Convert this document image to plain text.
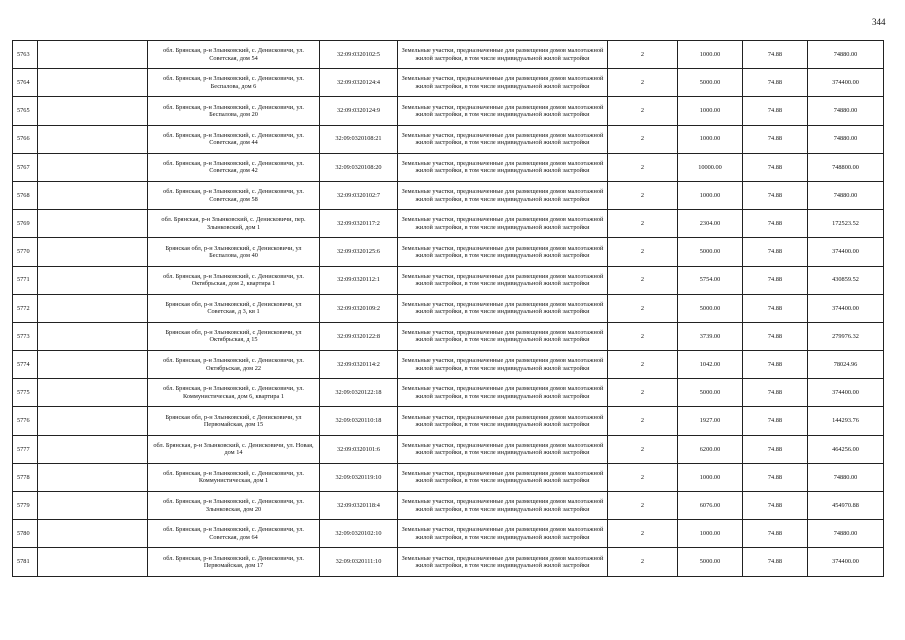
344
5763		обл. Брянская, р-н Злынковский, с. Денисковичи, ул. Советская, дом 54	32:09:0320102:5	Земельные участки, предназначенные для размещения домов малоэтажной жилой застройки, в том числе индивидуальной жилой застройки	2	1000.00	74.88	74880.00
5764		обл. Брянская, р-н Злынковский, с. Денисковичи, ул. Беспалова, дом 6	32:09:0320124:4	Земельные участки, предназначенные для размещения домов малоэтажной жилой застройки, в том числе индивидуальной жилой застройки	2	5000.00	74.88	374400.00
5765		обл. Брянская, р-н Злынковский, с. Денисковичи, ул. Беспалова, дом 20	32:09:0320124:9	Земельные участки, предназначенные для размещения домов малоэтажной жилой застройки, в том числе индивидуальной жилой застройки	2	1000.00	74.88	74880.00
5766		обл. Брянская, р-н Злынковский, с. Денисковичи, ул. Советская, дом 44	32:09:0320108:21	Земельные участки, предназначенные для размещения домов малоэтажной жилой застройки, в том числе индивидуальной жилой застройки	2	1000.00	74.88	74880.00
5767		обл. Брянская, р-н Злынковский, с. Денисковичи, ул. Советская, дом 42	32:09:0320108:20	Земельные участки, предназначенные для размещения домов малоэтажной жилой застройки, в том числе индивидуальной жилой застройки	2	10000.00	74.88	748800.00
5768		обл. Брянская, р-н Злынковский, с. Денисковичи, ул. Советская, дом 58	32:09:0320102:7	Земельные участки, предназначенные для размещения домов малоэтажной жилой застройки, в том числе индивидуальной жилой застройки	2	1000.00	74.88	74880.00
5769		обл. Брянская, р-н Злынковский, с. Денисковичи, пер. Злынковский, дом 1	32:09:0320117:2	Земельные участки, предназначенные для размещения домов малоэтажной жилой застройки, в том числе индивидуальной жилой застройки	2	2304.00	74.88	172523.52
5770		Брянская обл, р-н Злынковский, с Денисковичи, ул Беспалова, дом 40	32:09:0320125:6	Земельные участки, предназначенные для размещения домов малоэтажной жилой застройки, в том числе индивидуальной жилой застройки	2	5000.00	74.88	374400.00
5771		обл. Брянская, р-н Злынковский, с. Денисковичи, ул. Октябрьская, дом 2, квартира 1	32:09:0320112:1	Земельные участки, предназначенные для размещения домов малоэтажной жилой застройки, в том числе индивидуальной жилой застройки	2	5754.00	74.88	430859.52
5772		Брянская обл, р-н Злынковский, с Денисковичи, ул Советская, д 3, кв 1	32:09:0320109:2	Земельные участки, предназначенные для размещения домов малоэтажной жилой застройки, в том числе индивидуальной жилой застройки	2	5000.00	74.88	374400.00
5773		Брянская обл, р-н Злынковский, с Денисковичи, ул Октябрьская, д 15	32:09:0320122:8	Земельные участки, предназначенные для размещения домов малоэтажной жилой застройки, в том числе индивидуальной жилой застройки	2	3739.00	74.88	279976.32
5774		обл. Брянская, р-н Злынковский, с. Денисковичи, ул. Октябрьская, дом 22	32:09:0320114:2	Земельные участки, предназначенные для размещения домов малоэтажной жилой застройки, в том числе индивидуальной жилой застройки	2	1042.00	74.88	78024.96
5775		обл. Брянская, р-н Злынковский, с. Денисковичи, ул. Коммунистическая, дом 6, квартира 1	32:09:0320122:18	Земельные участки, предназначенные для размещения домов малоэтажной жилой застройки, в том числе индивидуальной жилой застройки	2	5000.00	74.88	374400.00
5776		Брянская обл, р-н Злынковский, с Денисковичи, ул Первомайская, дом 15	32:09:0320110:18	Земельные участки, предназначенные для размещения домов малоэтажной жилой застройки, в том числе индивидуальной жилой застройки	2	1927.00	74.88	144293.76
5777		обл. Брянская, р-н Злынковский, с. Денисковичи, ул. Новая, дом 14	32:09:0320101:6	Земельные участки, предназначенные для размещения домов малоэтажной жилой застройки, в том числе индивидуальной жилой застройки	2	6200.00	74.88	464256.00
5778		обл. Брянская, р-н Злынковский, с. Денисковичи, ул. Коммунистическая, дом 1	32:09:0320119:10	Земельные участки, предназначенные для размещения домов малоэтажной жилой застройки, в том числе индивидуальной жилой застройки	2	1000.00	74.88	74880.00
5779		обл. Брянская, р-н Злынковский, с. Денисковичи, ул. Злынковская, дом 20	32:09:0320118:4	Земельные участки, предназначенные для размещения домов малоэтажной жилой застройки, в том числе индивидуальной жилой застройки	2	6076.00	74.88	454970.88
5780		обл. Брянская, р-н Злынковский, с. Денисковичи, ул. Советская, дом 64	32:09:0320102:10	Земельные участки, предназначенные для размещения домов малоэтажной жилой застройки, в том числе индивидуальной жилой застройки	2	1000.00	74.88	74880.00
5781		обл. Брянская, р-н Злынковский, с. Денисковичи, ул. Первомайская, дом 17	32:09:0320111:10	Земельные участки, предназначенные для размещения домов малоэтажной жилой застройки, в том числе индивидуальной жилой застройки	2	5000.00	74.88	374400.00
